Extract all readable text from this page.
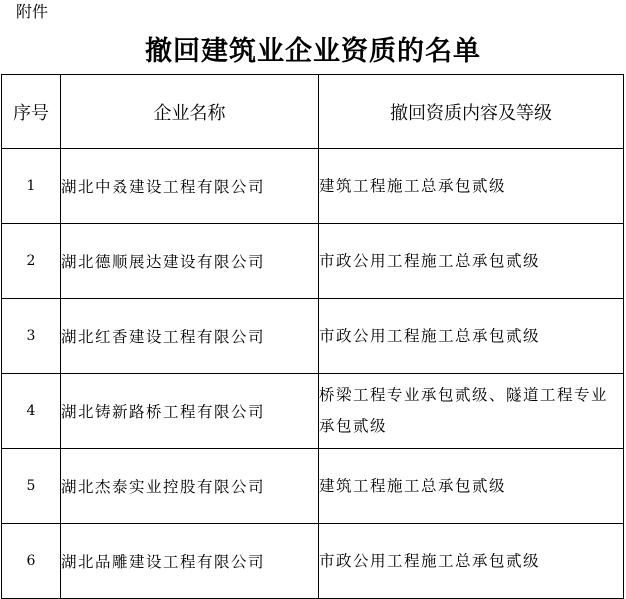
附件
撤回建筑业企业资质的名单
序号	企业名称	撤回资质内容及等级
1	湖北中叒建设工程有限公司	建筑工程施工总承包贰级
2	湖北德顺展达建设有限公司	市政公用工程施工总承包贰级
3	湖北红香建设工程有限公司	市政公用工程施工总承包贰级
4	湖北铸新路桥工程有限公司	桥梁工程专业承包贰级、隧道工程专业承包贰级
5	湖北杰泰实业控股有限公司	建筑工程施工总承包贰级
6	湖北品雕建设工程有限公司	市政公用工程施工总承包贰级
